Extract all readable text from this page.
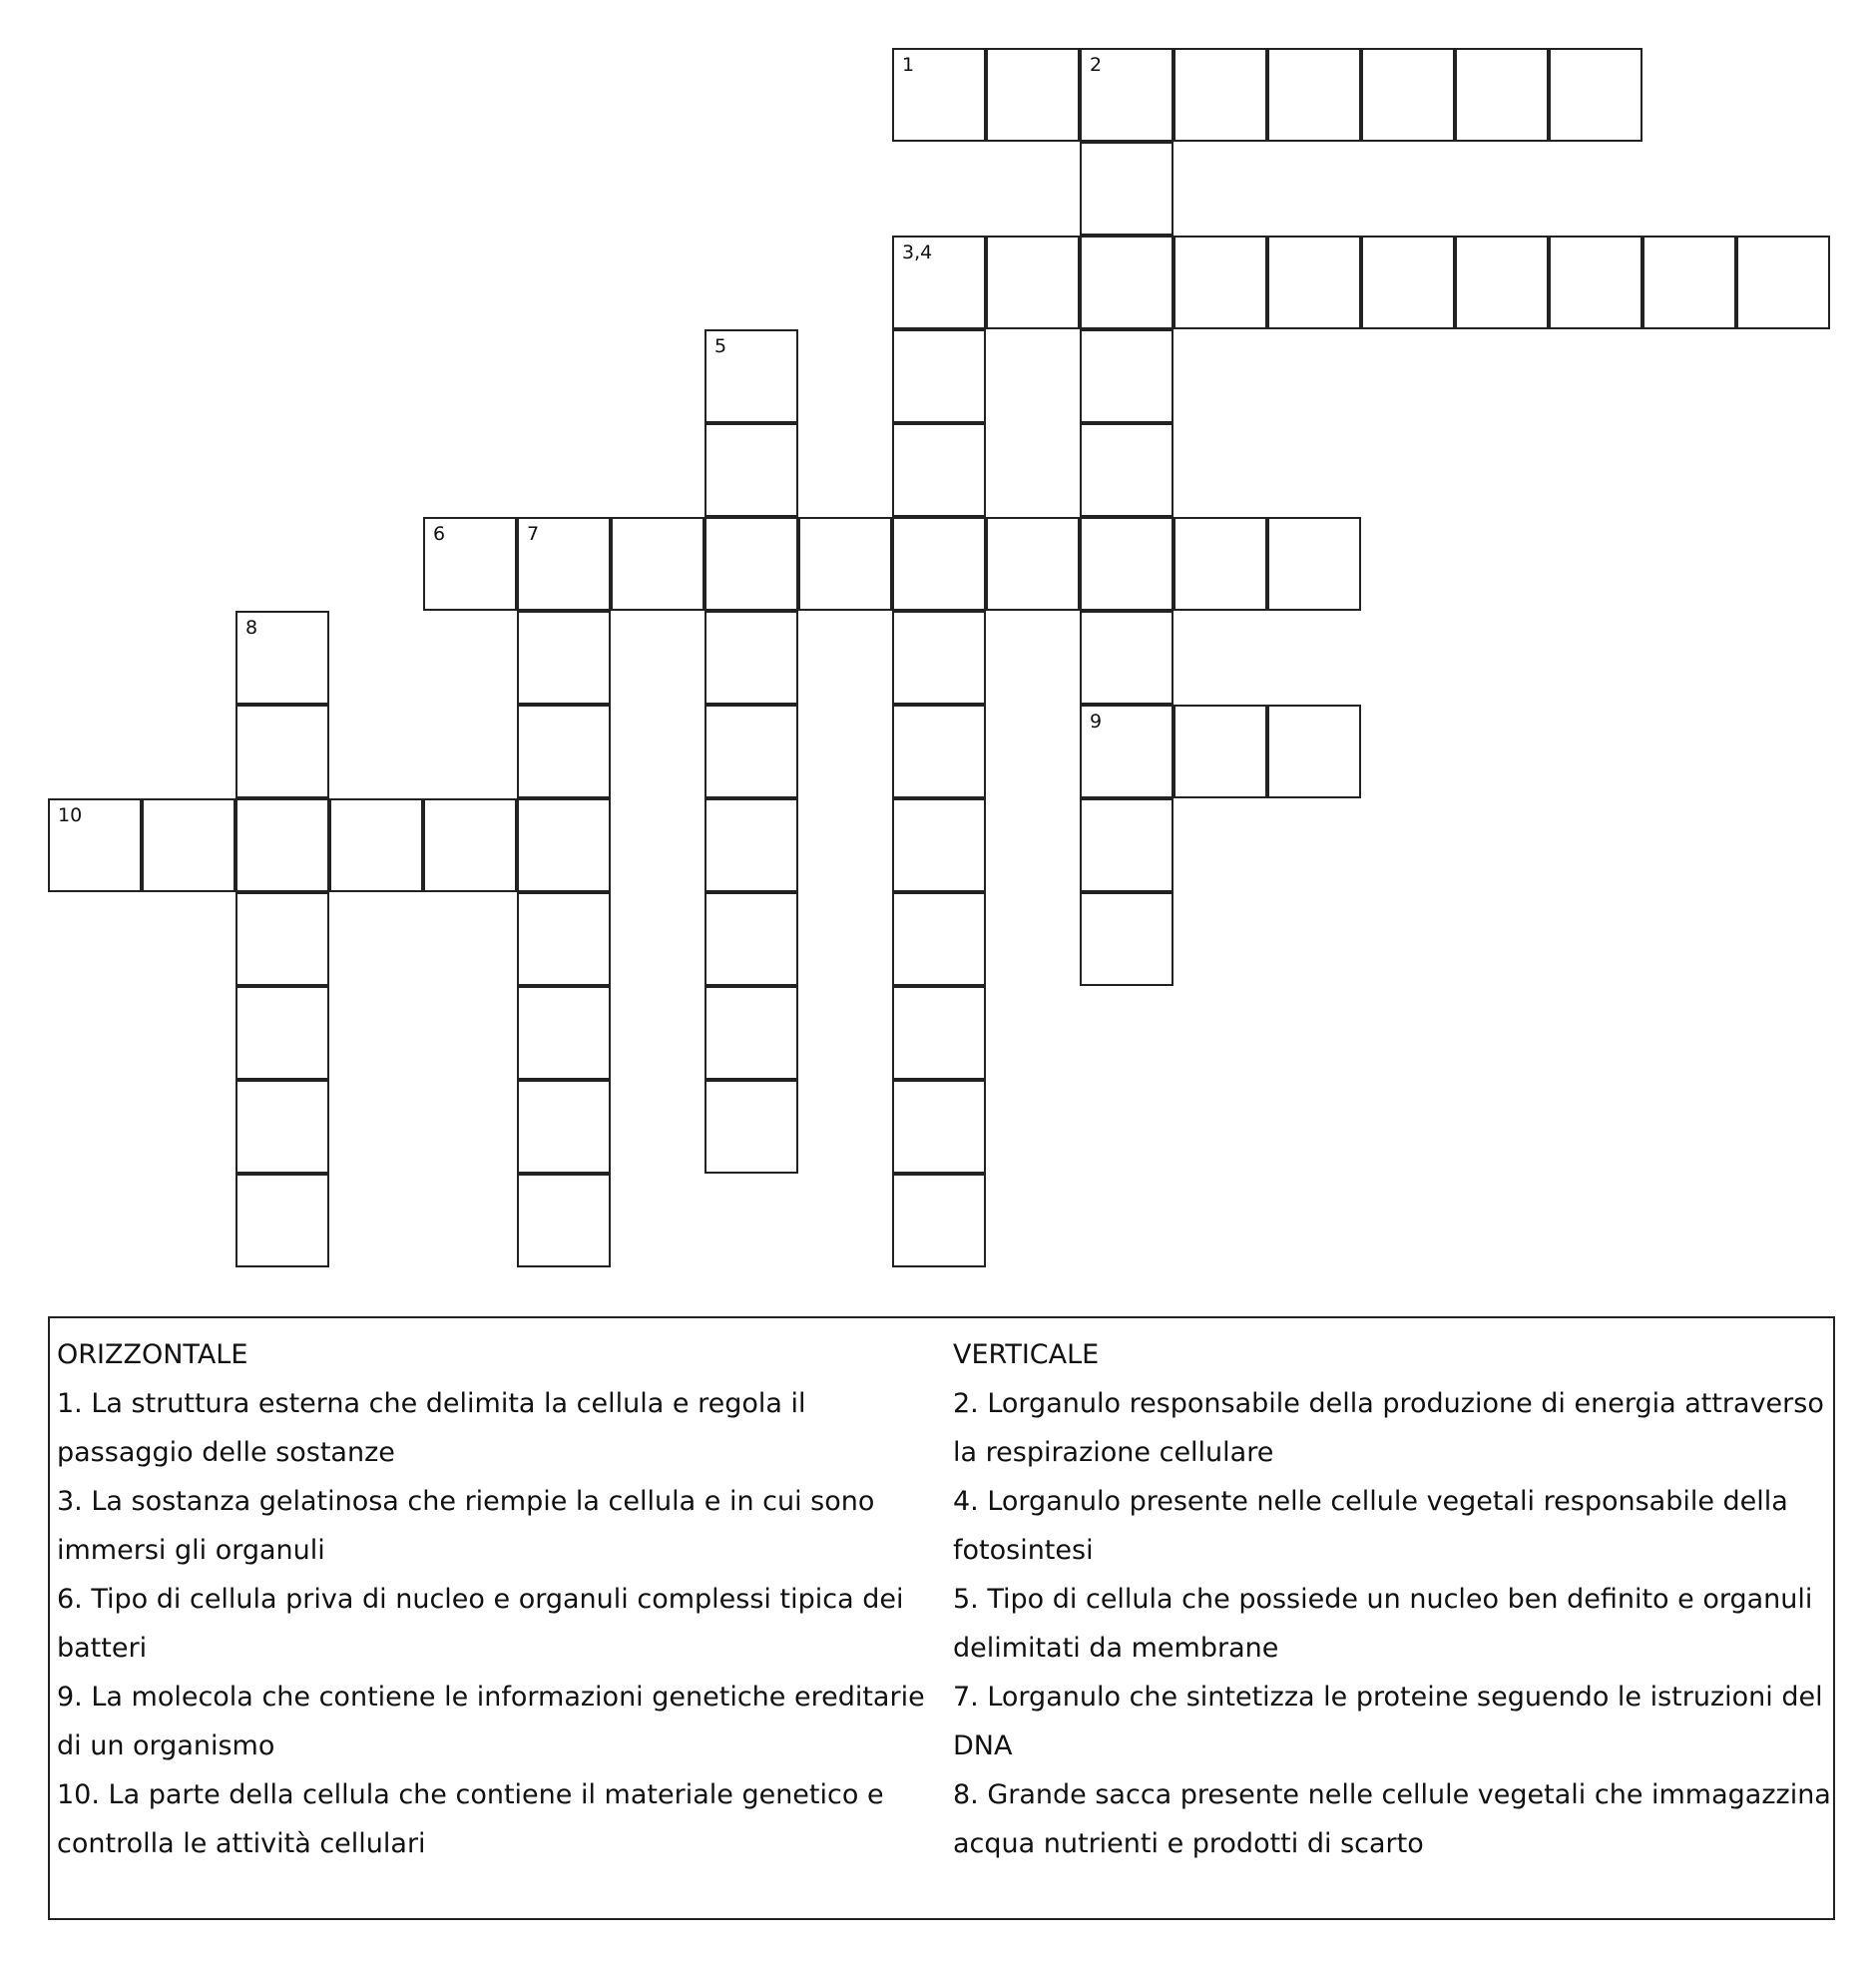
1	2
9
3,4
5
6	7
8
10
ORIZZONTALE
1. La struttura esterna che delimita la cellula e regola il passaggio delle sostanze
3. La sostanza gelatinosa che riempie la cellula e in cui sono immersi gli organuli
6. Tipo di cellula priva di nucleo e organuli complessi tipica dei batteri
9. La molecola che contiene le informazioni genetiche ereditarie di un organismo
10. La parte della cellula che contiene il materiale genetico e controlla le attività cellulari
VERTICALE
2. Lorganulo responsabile della produzione di energia attraverso la respirazione cellulare
4. Lorganulo presente nelle cellule vegetali responsabile della fotosintesi
5. Tipo di cellula che possiede un nucleo ben definito e organuli delimitati da membrane
7. Lorganulo che sintetizza le proteine seguendo le istruzioni del DNA
8. Grande sacca presente nelle cellule vegetali che immagazzina acqua nutrienti e prodotti di scarto
